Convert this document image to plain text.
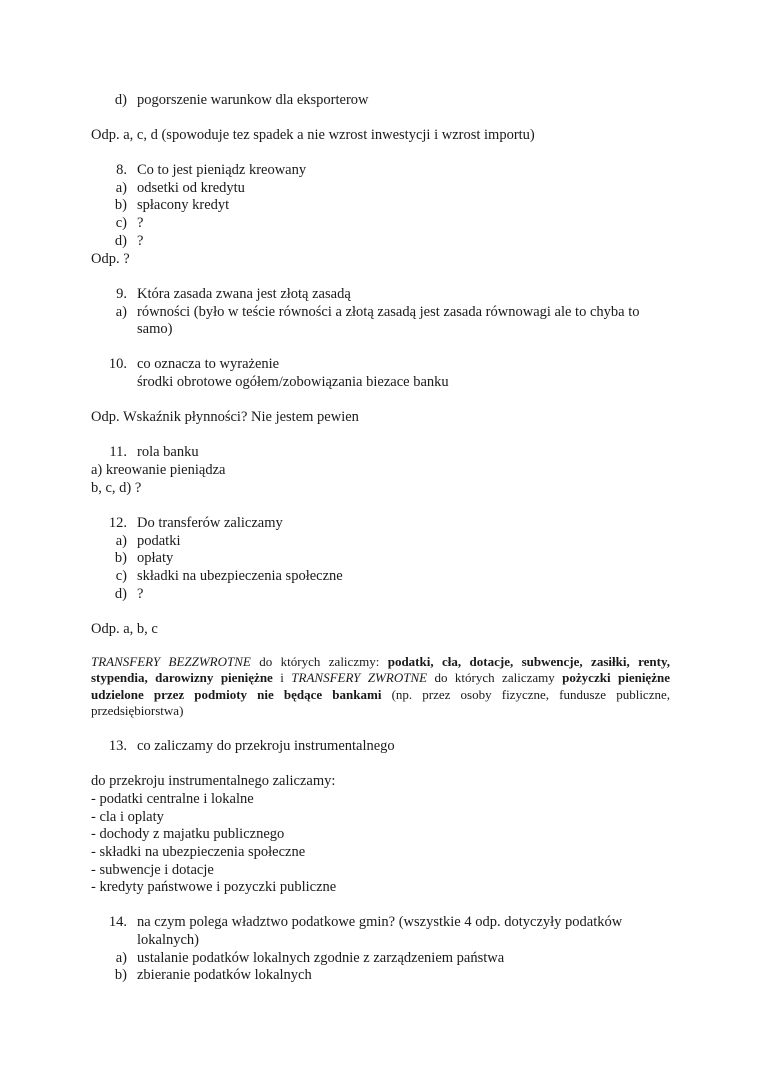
d) pogorszenie warunkow dla eksporterow
Odp. a, c, d (spowoduje tez spadek a nie wzrost inwestycji i wzrost importu)
8. Co to jest pieniądz kreowany
a) odsetki od kredytu
b) spłacony kredyt
c) ?
d) ?
Odp. ?
9. Która zasada zwana jest złotą zasadą
a) równości (było w teście równości a złotą zasadą jest zasada równowagi ale to chyba to
samo)
10. co oznacza to wyrażenie
środki obrotowe ogółem/zobowiązania biezace banku
Odp. Wskaźnik płynności? Nie jestem pewien
11. rola banku
a) kreowanie pieniądza
b, c, d) ?
12. Do transferów zaliczamy
a) podatki
b) opłaty
c) składki na ubezpieczenia społeczne
d) ?
Odp. a, b, c
TRANSFERY BEZZWROTNE do których zaliczmy: podatki, cła, dotacje, subwencje, zasiłki, renty, stypendia, darowizny pieniężne i TRANSFERY ZWROTNE do których zaliczamy pożyczki pieniężne udzielone przez podmioty nie będące bankami (np. przez osoby fizyczne, fundusze publiczne, przedsiębiorstwa)
13. co zaliczamy do przekroju instrumentalnego
do przekroju instrumentalnego zaliczamy:
- podatki centralne i lokalne
- cla i oplaty
- dochody z majatku publicznego
- składki na ubezpieczenia społeczne
- subwencje i dotacje
- kredyty państwowe i pozyczki publiczne
14. na czym polega władztwo podatkowe gmin? (wszystkie 4 odp. dotyczyły podatków
lokalnych)
a) ustalanie podatków lokalnych zgodnie z zarządzeniem państwa
b) zbieranie podatków lokalnych
